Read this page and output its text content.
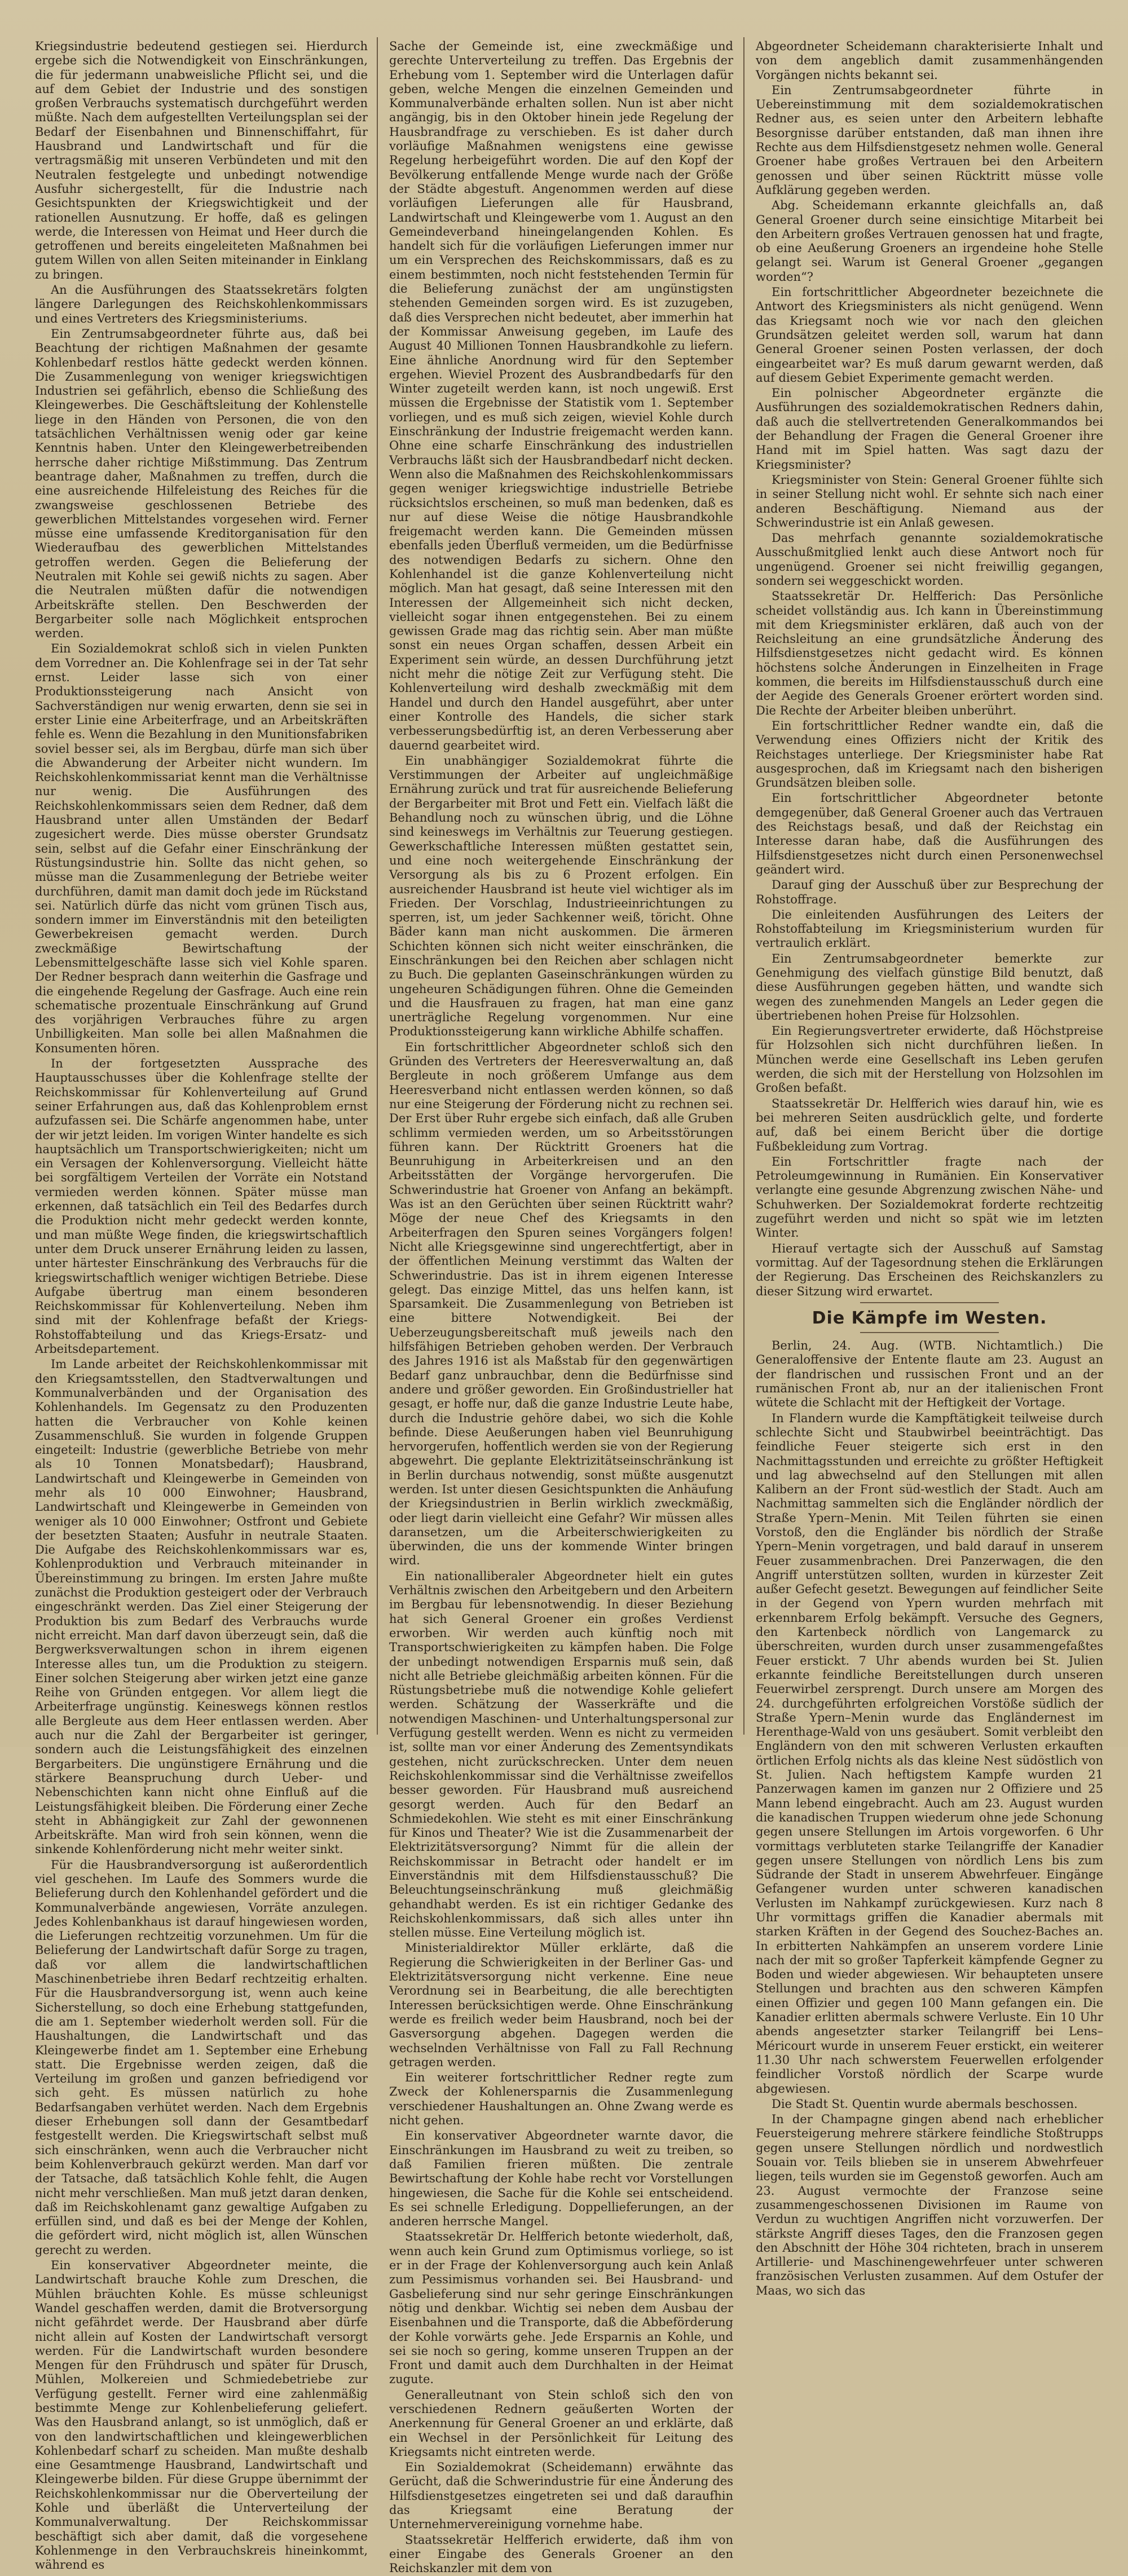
Kriegsindustrie bedeutend gestiegen sei. Hierdurch ergebe sich die Notwendigkeit von Einschränkungen, die für jedermann unabweisliche Pflicht sei, und die auf dem Gebiet der Industrie und des sonstigen großen Verbrauchs systematisch durchgeführt werden müßte. Nach dem aufgestellten Verteilungsplan sei der Bedarf der Eisenbahnen und Binnenschiffahrt, für Hausbrand und Landwirtschaft und für die vertragsmäßig mit unseren Verbündeten und mit den Neutralen festgelegte und unbedingt notwendige Ausfuhr sichergestellt, für die Industrie nach Gesichtspunkten der Kriegswichtigkeit und der rationellen Ausnutzung. Er hoffe, daß es gelingen werde, die Interessen von Heimat und Heer durch die getroffenen und bereits eingeleiteten Maßnahmen bei gutem Willen von allen Seiten miteinander in Einklang zu bringen.

An die Ausführungen des Staatssekretärs folgten längere Darlegungen des Reichskohlenkommissars und eines Vertreters des Kriegsministeriums.

Ein Zentrumsabgeordneter führte aus, daß bei Beachtung der richtigen Maßnahmen der gesamte Kohlenbedarf restlos hätte gedeckt werden können. Die Zusammenlegung von weniger kriegswichtigen Industrien sei gefährlich, ebenso die Schließung des Kleingewerbes. Die Geschäftsleitung der Kohlenstelle liege in den Händen von Personen, die von den tatsächlichen Verhältnissen wenig oder gar keine Kenntnis haben. Unter den Kleingewerbetreibenden herrsche daher richtige Mißstimmung. Das Zentrum beantrage daher, Maßnahmen zu treffen, durch die eine ausreichende Hilfeleistung des Reiches für die zwangsweise geschlossenen Betriebe des gewerblichen Mittelstandes vorgesehen wird. Ferner müsse eine umfassende Kreditorganisation für den Wiederaufbau des gewerblichen Mittelstandes getroffen werden. Gegen die Belieferung der Neutralen mit Kohle sei gewiß nichts zu sagen. Aber die Neutralen müßten dafür die notwendigen Arbeitskräfte stellen. Den Beschwerden der Bergarbeiter solle nach Möglichkeit entsprochen werden.

Ein Sozialdemokrat schloß sich in vielen Punkten dem Vorredner an. Die Kohlenfrage sei in der Tat sehr ernst. Leider lasse sich von einer Produktionssteigerung nach Ansicht von Sachverständigen nur wenig erwarten, denn sie sei in erster Linie eine Arbeiterfrage, und an Arbeitskräften fehle es. Wenn die Bezahlung in den Munitionsfabriken soviel besser sei, als im Bergbau, dürfe man sich über die Abwanderung der Arbeiter nicht wundern. Im Reichskohlenkommissariat kennt man die Verhältnisse nur wenig. Die Ausführungen des Reichskohlenkommissars seien dem Redner, daß dem Hausbrand unter allen Umständen der Bedarf zugesichert werde. Dies müsse oberster Grundsatz sein, selbst auf die Gefahr einer Einschränkung der Rüstungsindustrie hin. Sollte das nicht gehen, so müsse man die Zusammenlegung der Betriebe weiter durchführen, damit man damit doch jede im Rückstand sei. Natürlich dürfe das nicht vom grünen Tisch aus, sondern immer im Einverständnis mit den beteiligten Gewerbekreisen gemacht werden. Durch zweckmäßige Bewirtschaftung der Lebensmittelgeschäfte lasse sich viel Kohle sparen. Der Redner besprach dann weiterhin die Gasfrage und die eingehende Regelung der Gasfrage. Auch eine rein schematische prozentuale Einschränkung auf Grund des vorjährigen Verbrauches führe zu argen Unbilligkeiten. Man solle bei allen Maßnahmen die Konsumenten hören.

In der fortgesetzten Aussprache des Hauptausschusses über die Kohlenfrage stellte der Reichskommissar für Kohlenverteilung auf Grund seiner Erfahrungen aus, daß das Kohlenproblem ernst aufzufassen sei. Die Schärfe angenommen habe, unter der wir jetzt leiden. Im vorigen Winter handelte es sich hauptsächlich um Transportschwierigkeiten; nicht um ein Versagen der Kohlenversorgung. Vielleicht hätte bei sorgfältigem Verteilen der Vorräte ein Notstand vermieden werden können. Später müsse man erkennen, daß tatsächlich ein Teil des Bedarfes durch die Produktion nicht mehr gedeckt werden konnte, und man müßte Wege finden, die kriegswirtschaftlich unter dem Druck unserer Ernährung leiden zu lassen, unter härtester Einschränkung des Verbrauchs für die kriegswirtschaftlich weniger wichtigen Betriebe. Diese Aufgabe übertrug man einem besonderen Reichskommissar für Kohlenverteilung. Neben ihm sind mit der Kohlenfrage befaßt der Kriegs-Rohstoffabteilung und das Kriegs-Ersatz- und Arbeitsdepartement.

Im Lande arbeitet der Reichskohlenkommissar mit den Kriegsamtsstellen, den Stadtverwaltungen und Kommunalverbänden und der Organisation des Kohlenhandels. Im Gegensatz zu den Produzenten hatten die Verbraucher von Kohle keinen Zusammenschluß. Sie wurden in folgende Gruppen eingeteilt: Industrie (gewerbliche Betriebe von mehr als 10 Tonnen Monatsbedarf); Hausbrand, Landwirtschaft und Kleingewerbe in Gemeinden von mehr als 10 000 Einwohner; Hausbrand, Landwirtschaft und Kleingewerbe in Gemeinden von weniger als 10 000 Einwohner; Ostfront und Gebiete der besetzten Staaten; Ausfuhr in neutrale Staaten. Die Aufgabe des Reichskohlenkommissars war es, Kohlenproduktion und Verbrauch miteinander in Übereinstimmung zu bringen. Im ersten Jahre mußte zunächst die Produktion gesteigert oder der Verbrauch eingeschränkt werden. Das Ziel einer Steigerung der Produktion bis zum Bedarf des Verbrauchs wurde nicht erreicht. Man darf davon überzeugt sein, daß die Bergwerksverwaltungen schon in ihrem eigenen Interesse alles tun, um die Produktion zu steigern. Einer solchen Steigerung aber wirken jetzt eine ganze Reihe von Gründen entgegen. Vor allem liegt die Arbeiterfrage ungünstig. Keineswegs können restlos alle Bergleute aus dem Heer entlassen werden. Aber auch nur die Zahl der Bergarbeiter ist geringer, sondern auch die Leistungsfähigkeit des einzelnen Bergarbeiters. Die ungünstigere Ernährung und die stärkere Beanspruchung durch Ueber- und Nebenschichten kann nicht ohne Einfluß auf die Leistungsfähigkeit bleiben. Die Förderung einer Zeche steht in Abhängigkeit zur Zahl der gewonnenen Arbeitskräfte. Man wird froh sein können, wenn die sinkende Kohlenförderung nicht mehr weiter sinkt.

Für die Hausbrandversorgung ist außerordentlich viel geschehen. Im Laufe des Sommers wurde die Belieferung durch den Kohlenhandel gefördert und die Kommunalverbände angewiesen, Vorräte anzulegen. Jedes Kohlenbankhaus ist darauf hingewiesen worden, die Lieferungen rechtzeitig vorzunehmen. Um für die Belieferung der Landwirtschaft dafür Sorge zu tragen, daß vor allem die landwirtschaftlichen Maschinenbetriebe ihren Bedarf rechtzeitig erhalten. Für die Hausbrandversorgung ist, wenn auch keine Sicherstellung, so doch eine Erhebung stattgefunden, die am 1. September wiederholt werden soll. Für die Haushaltungen, die Landwirtschaft und das Kleingewerbe findet am 1. September eine Erhebung statt. Die Ergebnisse werden zeigen, daß die Verteilung im großen und ganzen befriedigend vor sich geht. Es müssen natürlich zu hohe Bedarfsangaben verhütet werden. Nach dem Ergebnis dieser Erhebungen soll dann der Gesamtbedarf festgestellt werden. Die Kriegswirtschaft selbst muß sich einschränken, wenn auch die Verbraucher nicht beim Kohlenverbrauch gekürzt werden. Man darf vor der Tatsache, daß tatsächlich Kohle fehlt, die Augen nicht mehr verschließen. Man muß jetzt daran denken, daß im Reichskohlenamt ganz gewaltige Aufgaben zu erfüllen sind, und daß es bei der Menge der Kohlen, die gefördert wird, nicht möglich ist, allen Wünschen gerecht zu werden.

Ein konservativer Abgeordneter meinte, die Landwirtschaft brauche Kohle zum Dreschen, die Mühlen bräuchten Kohle. Es müsse schleunigst Wandel geschaffen werden, damit die Brotversorgung nicht gefährdet werde. Der Hausbrand aber dürfe nicht allein auf Kosten der Landwirtschaft versorgt werden. Für die Landwirtschaft wurden besondere Mengen für den Frühdrusch und später für Drusch, Mühlen, Molkereien und Schmiedebetriebe zur Verfügung gestellt. Ferner wird eine zahlenmäßig bestimmte Menge zur Kohlenbelieferung geliefert. Was den Hausbrand anlangt, so ist unmöglich, daß er von den landwirtschaftlichen und kleingewerblichen Kohlenbedarf scharf zu scheiden. Man mußte deshalb eine Gesamtmenge Hausbrand, Landwirtschaft und Kleingewerbe bilden. Für diese Gruppe übernimmt der Reichskohlenkommissar nur die Oberverteilung der Kohle und überläßt die Unterverteilung der Kommunalverwaltung. Der Reichskommissar beschäftigt sich aber damit, daß die vorgesehene Kohlenmenge in den Verbrauchskreis hineinkommt, während es

Sache der Gemeinde ist, eine zweckmäßige und gerechte Unterverteilung zu treffen. Das Ergebnis der Erhebung vom 1. September wird die Unterlagen dafür geben, welche Mengen die einzelnen Gemeinden und Kommunalverbände erhalten sollen. Nun ist aber nicht angängig, bis in den Oktober hinein jede Regelung der Hausbrandfrage zu verschieben. Es ist daher durch vorläufige Maßnahmen wenigstens eine gewisse Regelung herbeigeführt worden. Die auf den Kopf der Bevölkerung entfallende Menge wurde nach der Größe der Städte abgestuft. Angenommen werden auf diese vorläufigen Lieferungen alle für Hausbrand, Landwirtschaft und Kleingewerbe vom 1. August an den Gemeindeverband hineingelangenden Kohlen. Es handelt sich für die vorläufigen Lieferungen immer nur um ein Versprechen des Reichskommissars, daß es zu einem bestimmten, noch nicht feststehenden Termin für die Belieferung zunächst der am ungünstigsten stehenden Gemeinden sorgen wird. Es ist zuzugeben, daß dies Versprechen nicht bedeutet, aber immerhin hat der Kommissar Anweisung gegeben, im Laufe des August 40 Millionen Tonnen Hausbrandkohle zu liefern. Eine ähnliche Anordnung wird für den September ergehen. Wieviel Prozent des Ausbrandbedarfs für den Winter zugeteilt werden kann, ist noch ungewiß. Erst müssen die Ergebnisse der Statistik vom 1. September vorliegen, und es muß sich zeigen, wieviel Kohle durch Einschränkung der Industrie freigemacht werden kann. Ohne eine scharfe Einschränkung des industriellen Verbrauchs läßt sich der Hausbrandbedarf nicht decken. Wenn also die Maßnahmen des Reichskohlenkommissars gegen weniger kriegswichtige industrielle Betriebe rücksichtslos erscheinen, so muß man bedenken, daß es nur auf diese Weise die nötige Hausbrandkohle freigemacht werden kann. Die Gemeinden müssen ebenfalls jeden Überfluß vermeiden, um die Bedürfnisse des notwendigen Bedarfs zu sichern. Ohne den Kohlenhandel ist die ganze Kohlenverteilung nicht möglich. Man hat gesagt, daß seine Interessen mit den Interessen der Allgemeinheit sich nicht decken, vielleicht sogar ihnen entgegenstehen. Bei zu einem gewissen Grade mag das richtig sein. Aber man müßte sonst ein neues Organ schaffen, dessen Arbeit ein Experiment sein würde, an dessen Durchführung jetzt nicht mehr die nötige Zeit zur Verfügung steht. Die Kohlenverteilung wird deshalb zweckmäßig mit dem Handel und durch den Handel ausgeführt, aber unter einer Kontrolle des Handels, die sicher stark verbesserungsbedürftig ist, an deren Verbesserung aber dauernd gearbeitet wird.

Ein unabhängiger Sozialdemokrat führte die Verstimmungen der Arbeiter auf ungleichmäßige Ernährung zurück und trat für ausreichende Belieferung der Bergarbeiter mit Brot und Fett ein. Vielfach läßt die Behandlung noch zu wünschen übrig, und die Löhne sind keineswegs im Verhältnis zur Teuerung gestiegen. Gewerkschaftliche Interessen müßten gestattet sein, und eine noch weitergehende Einschränkung der Versorgung als bis zu 6 Prozent erfolgen. Ein ausreichender Hausbrand ist heute viel wichtiger als im Frieden. Der Vorschlag, Industrieeinrichtungen zu sperren, ist, um jeder Sachkenner weiß, töricht. Ohne Bäder kann man nicht auskommen. Die ärmeren Schichten können sich nicht weiter einschränken, die Einschränkungen bei den Reichen aber schlagen nicht zu Buch. Die geplanten Gaseinschränkungen würden zu ungeheuren Schädigungen führen. Ohne die Gemeinden und die Hausfrauen zu fragen, hat man eine ganz unerträgliche Regelung vorgenommen. Nur eine Produktionssteigerung kann wirkliche Abhilfe schaffen.

Ein fortschrittlicher Abgeordneter schloß sich den Gründen des Vertreters der Heeresverwaltung an, daß Bergleute in noch größerem Umfange aus dem Heeresverband nicht entlassen werden können, so daß nur eine Steigerung der Förderung nicht zu rechnen sei. Der Erst über Ruhr ergebe sich einfach, daß alle Gruben schlimm vermieden werden, um so Arbeitsstörungen führen kann. Der Rücktritt Groeners hat die Beunruhigung in Arbeiterkreisen und an den Arbeitsstätten der Vorgänge hervorgerufen. Die Schwerindustrie hat Groener von Anfang an bekämpft. Was ist an den Gerüchten über seinen Rücktritt wahr? Möge der neue Chef des Kriegsamts in den Arbeiterfragen den Spuren seines Vorgängers folgen! Nicht alle Kriegsgewinne sind ungerechtfertigt, aber in der öffentlichen Meinung verstimmt das Walten der Schwerindustrie. Das ist in ihrem eigenen Interesse gelegt. Das einzige Mittel, das uns helfen kann, ist Sparsamkeit. Die Zusammenlegung von Betrieben ist eine bittere Notwendigkeit. Bei der Ueberzeugungsbereitschaft muß jeweils nach den hilfsfähigen Betrieben gehoben werden. Der Verbrauch des Jahres 1916 ist als Maßstab für den gegenwärtigen Bedarf ganz unbrauchbar, denn die Bedürfnisse sind andere und größer geworden. Ein Großindustrieller hat gesagt, er hoffe nur, daß die ganze Industrie Leute habe, durch die Industrie gehöre dabei, wo sich die Kohle befinde. Diese Aeußerungen haben viel Beunruhigung hervorgerufen, hoffentlich werden sie von der Regierung abgewehrt. Die geplante Elektrizitätseinschränkung ist in Berlin durchaus notwendig, sonst müßte ausgenutzt werden. Ist unter diesen Gesichtspunkten die Anhäufung der Kriegsindustrien in Berlin wirklich zweckmäßig, oder liegt darin vielleicht eine Gefahr? Wir müssen alles daransetzen, um die Arbeiterschwierigkeiten zu überwinden, die uns der kommende Winter bringen wird.

Ein nationalliberaler Abgeordneter hielt ein gutes Verhältnis zwischen den Arbeitgebern und den Arbeitern im Bergbau für lebensnotwendig. In dieser Beziehung hat sich General Groener ein großes Verdienst erworben. Wir werden auch künftig noch mit Transportschwierigkeiten zu kämpfen haben. Die Folge der unbedingt notwendigen Ersparnis muß sein, daß nicht alle Betriebe gleichmäßig arbeiten können. Für die Rüstungsbetriebe muß die notwendige Kohle geliefert werden. Schätzung der Wasserkräfte und die notwendigen Maschinen- und Unterhaltungspersonal zur Verfügung gestellt werden. Wenn es nicht zu vermeiden ist, sollte man vor einer Änderung des Zementsyndikats gestehen, nicht zurückschrecken. Unter dem neuen Reichskohlenkommissar sind die Verhältnisse zweifellos besser geworden. Für Hausbrand muß ausreichend gesorgt werden. Auch für den Bedarf an Schmiedekohlen. Wie steht es mit einer Einschränkung für Kinos und Theater? Wie ist die Zusammenarbeit der Elektrizitätsversorgung? Nimmt für die allein der Reichskommissar in Betracht oder handelt er im Einverständnis mit dem Hilfsdienstausschuß? Die Beleuchtungseinschränkung muß gleichmäßig gehandhabt werden. Es ist ein richtiger Gedanke des Reichskohlenkommissars, daß sich alles unter ihn stellen müsse. Eine Verteilung möglich ist.

Ministerialdirektor Müller erklärte, daß die Regierung die Schwierigkeiten in der Berliner Gas- und Elektrizitätsversorgung nicht verkenne. Eine neue Verordnung sei in Bearbeitung, die alle berechtigten Interessen berücksichtigen werde. Ohne Einschränkung werde es freilich weder beim Hausbrand, noch bei der Gasversorgung abgehen. Dagegen werden die wechselnden Verhältnisse von Fall zu Fall Rechnung getragen werden.

Ein weiterer fortschrittlicher Redner regte zum Zweck der Kohlenersparnis die Zusammenlegung verschiedener Haushaltungen an. Ohne Zwang werde es nicht gehen.

Ein konservativer Abgeordneter warnte davor, die Einschränkungen im Hausbrand zu weit zu treiben, so daß Familien frieren müßten. Die zentrale Bewirtschaftung der Kohle habe recht vor Vorstellungen hingewiesen, die Sache für die Kohle sei entscheidend. Es sei schnelle Erledigung. Doppellieferungen, an der anderen herrsche Mangel.

Staatssekretär Dr. Helfferich betonte wiederholt, daß, wenn auch kein Grund zum Optimismus vorliege, so ist er in der Frage der Kohlenversorgung auch kein Anlaß zum Pessimismus vorhanden sei. Bei Hausbrand- und Gasbelieferung sind nur sehr geringe Einschränkungen nötig und denkbar. Wichtig sei neben dem Ausbau der Eisenbahnen und die Transporte, daß die Abbeförderung der Kohle vorwärts gehe. Jede Ersparnis an Kohle, und sei sie noch so gering, komme unseren Truppen an der Front und damit auch dem Durchhalten in der Heimat zugute.

Generalleutnant von Stein schloß sich den von verschiedenen Rednern geäußerten Worten der Anerkennung für General Groener an und erklärte, daß ein Wechsel in der Persönlichkeit für Leitung des Kriegsamts nicht eintreten werde.

Ein Sozialdemokrat (Scheidemann) erwähnte das Gerücht, daß die Schwerindustrie für eine Änderung des Hilfsdienstgesetzes eingetreten sei und daß daraufhin das Kriegsamt eine Beratung der Unternehmervereinigung vornehme habe.

Staatssekretär Helfferich erwiderte, daß ihm von einer Eingabe des Generals Groener an den Reichskanzler mit dem von

Abgeordneter Scheidemann charakterisierte Inhalt und von dem angeblich damit zusammenhängenden Vorgängen nichts bekannt sei.

Ein Zentrumsabgeordneter führte in Uebereinstimmung mit dem sozialdemokratischen Redner aus, es seien unter den Arbeitern lebhafte Besorgnisse darüber entstanden, daß man ihnen ihre Rechte aus dem Hilfsdienstgesetz nehmen wolle. General Groener habe großes Vertrauen bei den Arbeitern genossen und über seinen Rücktritt müsse volle Aufklärung gegeben werden.

Abg. Scheidemann erkannte gleichfalls an, daß General Groener durch seine einsichtige Mitarbeit bei den Arbeitern großes Vertrauen genossen hat und fragte, ob eine Aeußerung Groeners an irgendeine hohe Stelle gelangt sei. Warum ist General Groener „gegangen worden“?

Ein fortschrittlicher Abgeordneter bezeichnete die Antwort des Kriegsministers als nicht genügend. Wenn das Kriegsamt noch wie vor nach den gleichen Grundsätzen geleitet werden soll, warum hat dann General Groener seinen Posten verlassen, der doch eingearbeitet war? Es muß darum gewarnt werden, daß auf diesem Gebiet Experimente gemacht werden.

Ein polnischer Abgeordneter ergänzte die Ausführungen des sozialdemokratischen Redners dahin, daß auch die stellvertretenden Generalkommandos bei der Behandlung der Fragen die General Groener ihre Hand mit im Spiel hatten. Was sagt dazu der Kriegsminister?

Kriegsminister von Stein: General Groener fühlte sich in seiner Stellung nicht wohl. Er sehnte sich nach einer anderen Beschäftigung. Niemand aus der Schwerindustrie ist ein Anlaß gewesen.

Das mehrfach genannte sozialdemokratische Ausschußmitglied lenkt auch diese Antwort noch für ungenügend. Groener sei nicht freiwillig gegangen, sondern sei weggeschickt worden.

Staatssekretär Dr. Helfferich: Das Persönliche scheidet vollständig aus. Ich kann in Übereinstimmung mit dem Kriegsminister erklären, daß auch von der Reichsleitung an eine grundsätzliche Änderung des Hilfsdienstgesetzes nicht gedacht wird. Es können höchstens solche Änderungen in Einzelheiten in Frage kommen, die bereits im Hilfsdienstausschuß durch eine der Aegide des Generals Groener erörtert worden sind. Die Rechte der Arbeiter bleiben unberührt.

Ein fortschrittlicher Redner wandte ein, daß die Verwendung eines Offiziers nicht der Kritik des Reichstages unterliege. Der Kriegsminister habe Rat ausgesprochen, daß im Kriegsamt nach den bisherigen Grundsätzen bleiben solle.

Ein fortschrittlicher Abgeordneter betonte demgegenüber, daß General Groener auch das Vertrauen des Reichstags besaß, und daß der Reichstag ein Interesse daran habe, daß die Ausführungen des Hilfsdienstgesetzes nicht durch einen Personenwechsel geändert wird.

Darauf ging der Ausschuß über zur Besprechung der Rohstoffrage.

Die einleitenden Ausführungen des Leiters der Rohstoffabteilung im Kriegsministerium wurden für vertraulich erklärt.

Ein Zentrumsabgeordneter bemerkte zur Genehmigung des vielfach günstige Bild benutzt, daß diese Ausführungen gegeben hätten, und wandte sich wegen des zunehmenden Mangels an Leder gegen die übertriebenen hohen Preise für Holzsohlen.

Ein Regierungsvertreter erwiderte, daß Höchstpreise für Holzsohlen sich nicht durchführen ließen. In München werde eine Gesellschaft ins Leben gerufen werden, die sich mit der Herstellung von Holzsohlen im Großen befaßt.

Staatssekretär Dr. Helfferich wies darauf hin, wie es bei mehreren Seiten ausdrücklich gelte, und forderte auf, daß bei einem Bericht über die dortige Fußbekleidung zum Vortrag.

Ein Fortschrittler fragte nach der Petroleumgewinnung in Rumänien. Ein Konservativer verlangte eine gesunde Abgrenzung zwischen Nähe- und Schuhwerken. Der Sozialdemokrat forderte rechtzeitig zugeführt werden und nicht so spät wie im letzten Winter.

Hierauf vertagte sich der Ausschuß auf Samstag vormittag. Auf der Tagesordnung stehen die Erklärungen der Regierung. Das Erscheinen des Reichskanzlers zu dieser Sitzung wird erwartet.

Die Kämpfe im Westen.

Berlin, 24. Aug. (WTB. Nichtamtlich.) Die Generaloffensive der Entente flaute am 23. August an der flandrischen und russischen Front und an der rumänischen Front ab, nur an der italienischen Front wütete die Schlacht mit der Heftigkeit der Vortage.

In Flandern wurde die Kampftätigkeit teilweise durch schlechte Sicht und Staubwirbel beeinträchtigt. Das feindliche Feuer steigerte sich erst in den Nachmittagsstunden und erreichte zu größter Heftigkeit und lag abwechselnd auf den Stellungen mit allen Kalibern an der Front süd-westlich der Stadt. Auch am Nachmittag sammelten sich die Engländer nördlich der Straße Ypern–Menin. Mit Teilen führten sie einen Vorstoß, den die Engländer bis nördlich der Straße Ypern–Menin vorgetragen, und bald darauf in unserem Feuer zusammenbrachen. Drei Panzerwagen, die den Angriff unterstützen sollten, wurden in kürzester Zeit außer Gefecht gesetzt. Bewegungen auf feindlicher Seite in der Gegend von Ypern wurden mehrfach mit erkennbarem Erfolg bekämpft. Versuche des Gegners, den Kartenbeck nördlich von Langemarck zu überschreiten, wurden durch unser zusammengefaßtes Feuer erstickt. 7 Uhr abends wurden bei St. Julien erkannte feindliche Bereitstellungen durch unseren Feuerwirbel zersprengt. Durch unsere am Morgen des 24. durchgeführten erfolgreichen Vorstöße südlich der Straße Ypern–Menin wurde das Engländernest im Herenthage-Wald von uns gesäubert. Somit verbleibt den Engländern von den mit schweren Verlusten erkauften örtlichen Erfolg nichts als das kleine Nest südöstlich von St. Julien. Nach heftigstem Kampfe wurden 21 Panzerwagen kamen im ganzen nur 2 Offiziere und 25 Mann lebend eingebracht. Auch am 23. August wurden die kanadischen Truppen wiederum ohne jede Schonung gegen unsere Stellungen im Artois vorgeworfen. 6 Uhr vormittags verbluteten starke Teilangriffe der Kanadier gegen unsere Stellungen von nördlich Lens bis zum Südrande der Stadt in unserem Abwehrfeuer. Eingänge Gefangener wurden unter schweren kanadischen Verlusten im Nahkampf zurückgewiesen. Kurz nach 8 Uhr vormittags griffen die Kanadier abermals mit starken Kräften in der Gegend des Souchez-Baches an. In erbitterten Nahkämpfen an unserem vordere Linie nach der mit so großer Tapferkeit kämpfende Gegner zu Boden und wieder abgewiesen. Wir behaupteten unsere Stellungen und brachten aus den schweren Kämpfen einen Offizier und gegen 100 Mann gefangen ein. Die Kanadier erlitten abermals schwere Verluste. Ein 10 Uhr abends angesetzter starker Teilangriff bei Lens–Méricourt wurde in unserem Feuer erstickt, ein weiterer 11.30 Uhr nach schwerstem Feuerwellen erfolgender feindlicher Vorstoß nördlich der Scarpe wurde abgewiesen.

Die Stadt St. Quentin wurde abermals beschossen.

In der Champagne gingen abend nach erheblicher Feuersteigerung mehrere stärkere feindliche Stoßtrupps gegen unsere Stellungen nördlich und nordwestlich Souain vor. Teils blieben sie in unserem Abwehrfeuer liegen, teils wurden sie im Gegenstoß geworfen. Auch am 23. August vermochte der Franzose seine zusammengeschossenen Divisionen im Raume von Verdun zu wuchtigen Angriffen nicht vorzuwerfen. Der stärkste Angriff dieses Tages, den die Franzosen gegen den Abschnitt der Höhe 304 richteten, brach in unserem Artillerie- und Maschinengewehrfeuer unter schweren französischen Verlusten zusammen. Auf dem Ostufer der Maas, wo sich das
